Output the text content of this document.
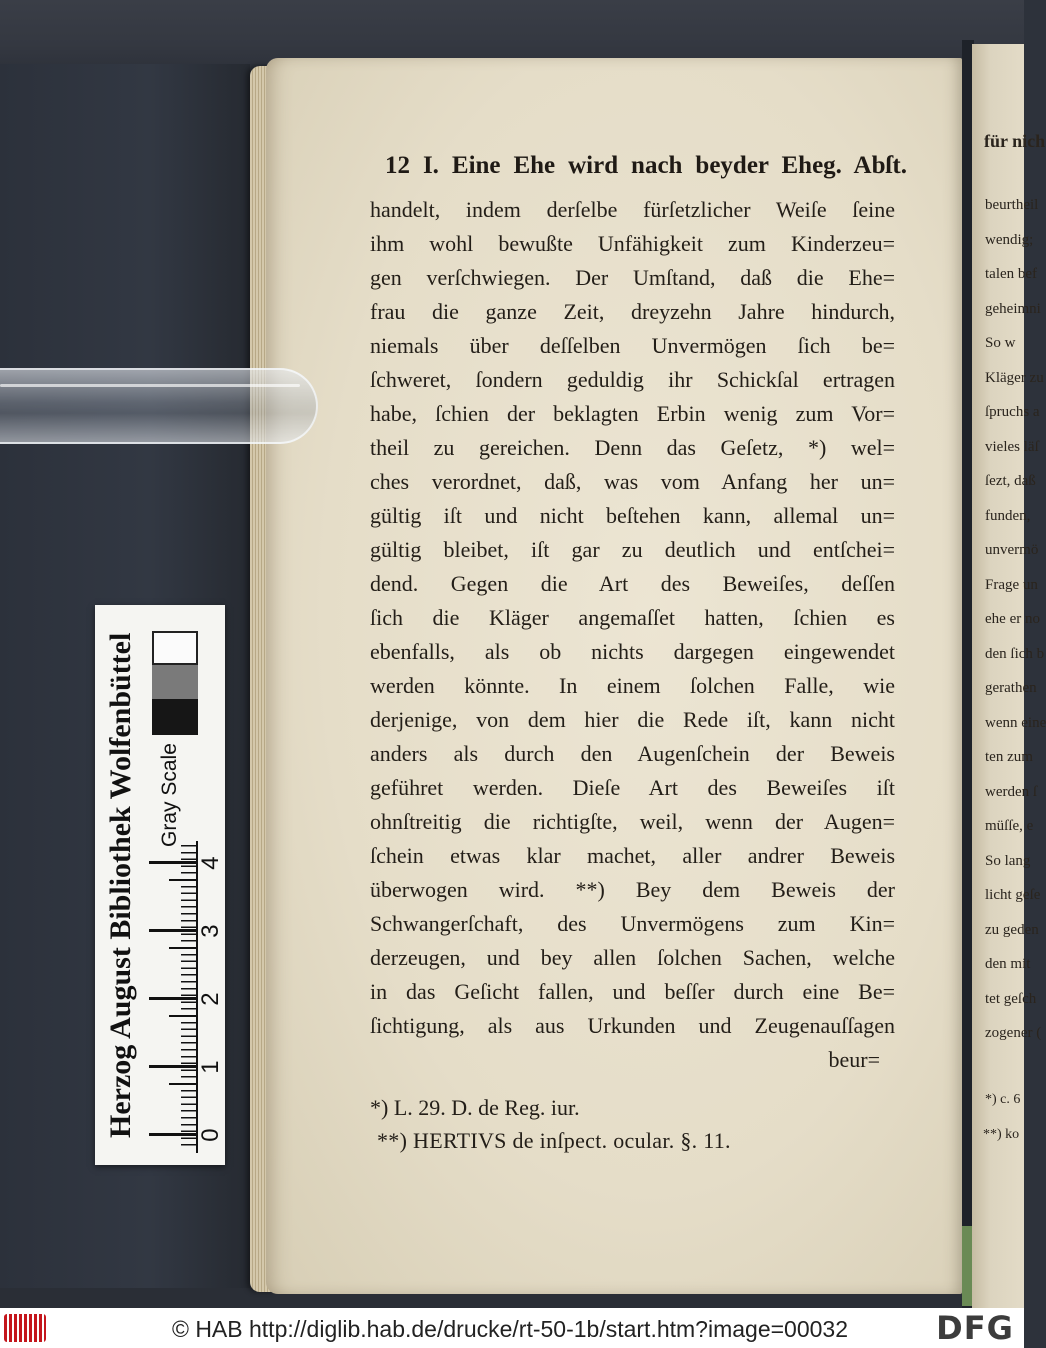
für nich
beurtheil
wendig;
talen bef
geheimni
So w
Kläger zu
ſpruchs a
vieles läſ
ſezt, daß
funden,
unvermö
Frage un
ehe er no
den ſich b
gerathen
wenn eine
ten zum
werden ſ
müſſe, e
So lang
licht geſe
zu geden
den mit
tet geſch
zogener (
*) c. 6
**) ko
12 I. Eine Ehe wird nach beyder Eheg. Abſt.
handelt, indem derſelbe fürſetzlicher Weiſe ſeine
ihm wohl bewußte Unfähigkeit zum Kinderzeu=
gen verſchwiegen. Der Umſtand, daß die Ehe=
frau die ganze Zeit, dreyzehn Jahre hindurch,
niemals über deſſelben Unvermögen ſich be=
ſchweret, ſondern geduldig ihr Schickſal ertragen
habe, ſchien der beklagten Erbin wenig zum Vor=
theil zu gereichen. Denn das Geſetz, *) wel=
ches verordnet, daß, was vom Anfang her un=
gültig iſt und nicht beſtehen kann, allemal un=
gültig bleibet, iſt gar zu deutlich und entſchei=
dend. Gegen die Art des Beweiſes, deſſen
ſich die Kläger angemaſſet hatten, ſchien es
ebenfalls, als ob nichts dargegen eingewendet
werden könnte. In einem ſolchen Falle, wie
derjenige, von dem hier die Rede iſt, kann nicht
anders als durch den Augenſchein der Beweis
geführet werden. Dieſe Art des Beweiſes iſt
ohnſtreitig die richtigſte, weil, wenn der Augen=
ſchein etwas klar machet, aller andrer Beweis
überwogen wird. **) Bey dem Beweis der
Schwangerſchaft, des Unvermögens zum Kin=
derzeugen, und bey allen ſolchen Sachen, welche
in das Geſicht fallen, und beſſer durch eine Be=
ſichtigung, als aus Urkunden und Zeugenauſſagen
beur=
*) L. 29. D. de Reg. iur.
**) HERTIVS de inſpect. ocular. §. 11.
Herzog August Bibliothek Wolfenbüttel	Gray Scale
0
1
2
3
4
© HAB http://diglib.hab.de/drucke/rt-50-1b/start.htm?image=00032	DFG
